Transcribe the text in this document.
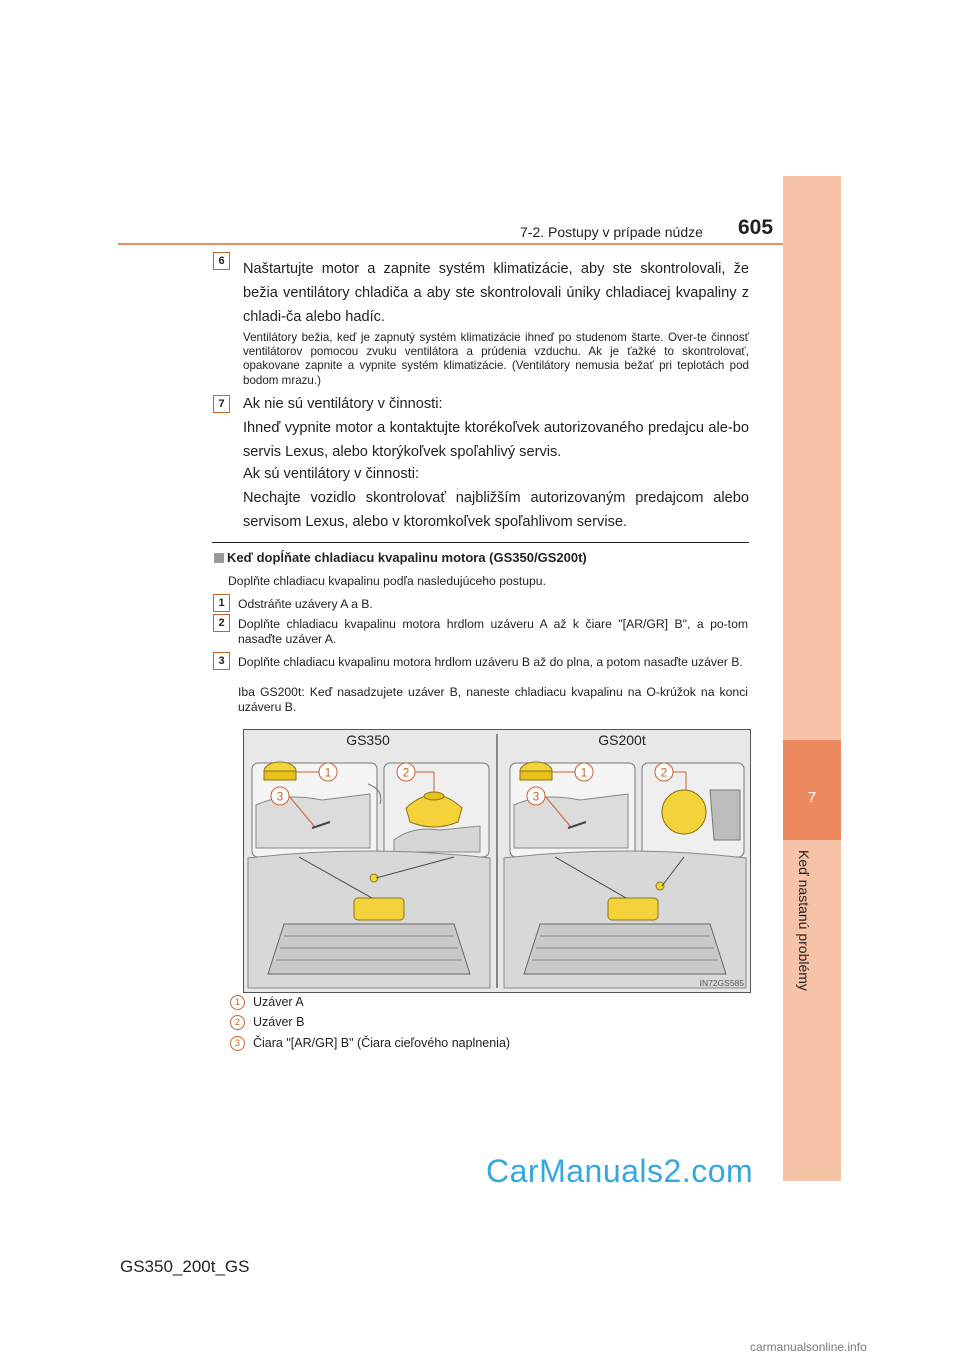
7-2. Postupy v prípade núdze 605
7
Keď nastanú problémy
6	Naštartujte motor a zapnite systém klimatizácie, aby ste skontrolovali, že bežia ventilátory chladiča a aby ste skontrolovali úniky chladiacej kvapaliny z chladi-ča alebo hadíc.
Ventilátory bežia, keď je zapnutý systém klimatizácie ihneď po studenom štarte. Over-te činnosť ventilátorov pomocou zvuku ventilátora a prúdenia vzduchu. Ak je ťažké to skontrolovať, opakovane zapnite a vypnite systém klimatizácie. (Ventilátory nemusia bežať pri teplotách pod bodom mrazu.)
7	Ak nie sú ventilátory v činnosti:
Ihneď vypnite motor a kontaktujte ktorékoľvek autorizovaného predajcu ale-bo servis Lexus, alebo ktorýkoľvek spoľahlivý servis.
Ak sú ventilátory v činnosti:
Nechajte vozidlo skontrolovať najbližším autorizovaným predajcom alebo servisom Lexus, alebo v ktoromkoľvek spoľahlivom servise.
Keď dopĺňate chladiacu kvapalinu motora (GS350/GS200t)
Doplňte chladiacu kvapalinu podľa nasledujúceho postupu.
1	Odstráňte uzávery A a B.
2	Doplňte chladiacu kvapalinu motora hrdlom uzáveru A až k čiare "[AR/GR] B", a po-tom nasaďte uzáver A.
3	Doplňte chladiacu kvapalinu motora hrdlom uzáveru B až do plna, a potom nasaďte uzáver B.
Iba GS200t: Keď nasadzujete uzáver B, naneste chladiacu kvapalinu na O-krúžok na konci uzáveru B.
GS350	GS200t
1
3
2	1
3
2
IN72GS585
1	Uzáver A
2	Uzáver B
3	Čiara "[AR/GR] B" (Čiara cieľového naplnenia)
GS350_200t_GS
CarManuals2.com
carmanualsonline.info
